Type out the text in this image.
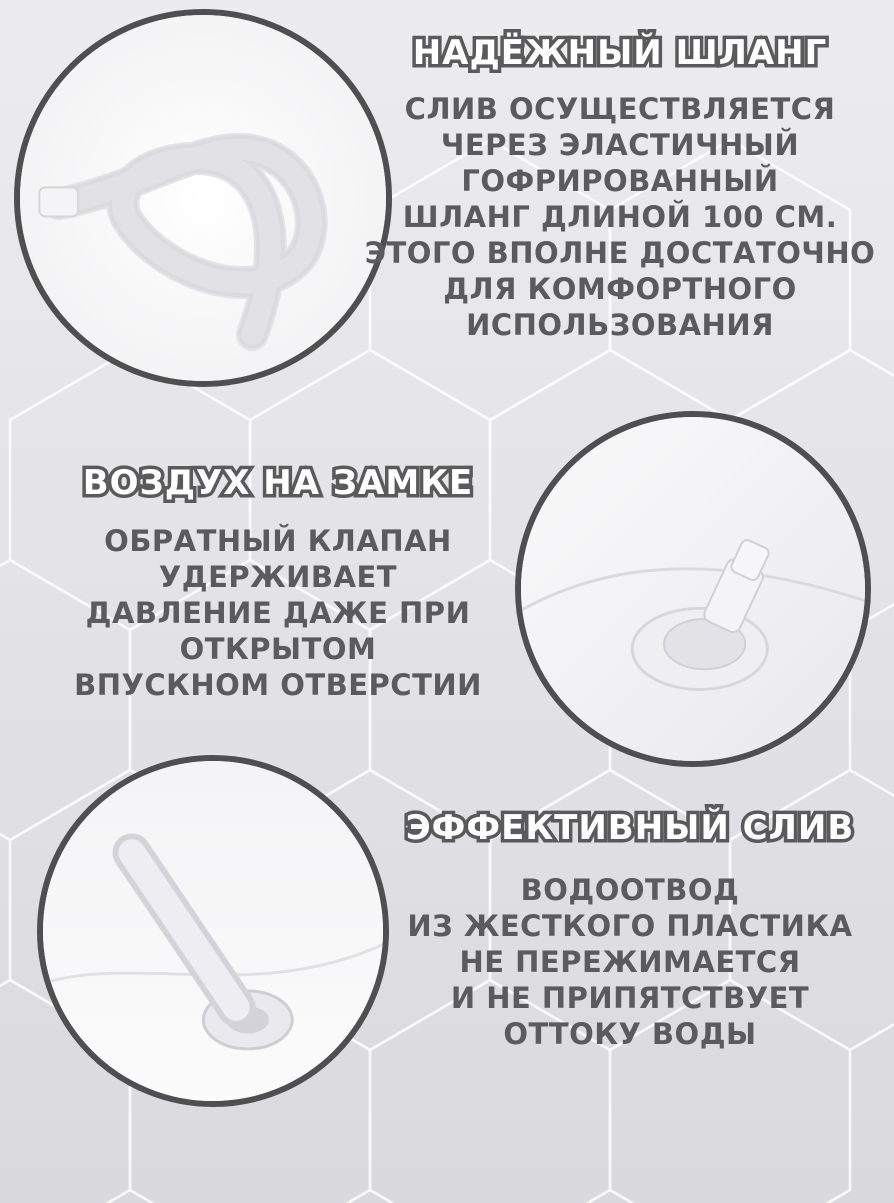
НАДЁЖНЫЙ ШЛАНГ
СЛИВ ОСУЩЕСТВЛЯЕТСЯ
ЧЕРЕЗ ЭЛАСТИЧНЫЙ
ГОФРИРОВАННЫЙ
ШЛАНГ ДЛИНОЙ 100 СМ.
ЭТОГО ВПОЛНЕ ДОСТАТОЧНО
ДЛЯ КОМФОРТНОГО
ИСПОЛЬЗОВАНИЯ
ВОЗДУХ НА ЗАМКЕ
ОБРАТНЫЙ КЛАПАН
УДЕРЖИВАЕТ
ДАВЛЕНИЕ ДАЖЕ ПРИ
ОТКРЫТОМ
ВПУСКНОМ ОТВЕРСТИИ
ЭФФЕКТИВНЫЙ СЛИВ
ВОДООТВОД
ИЗ ЖЕСТКОГО ПЛАСТИКА
НЕ ПЕРЕЖИМАЕТСЯ
И НЕ ПРИПЯТСТВУЕТ
ОТТОКУ ВОДЫ
